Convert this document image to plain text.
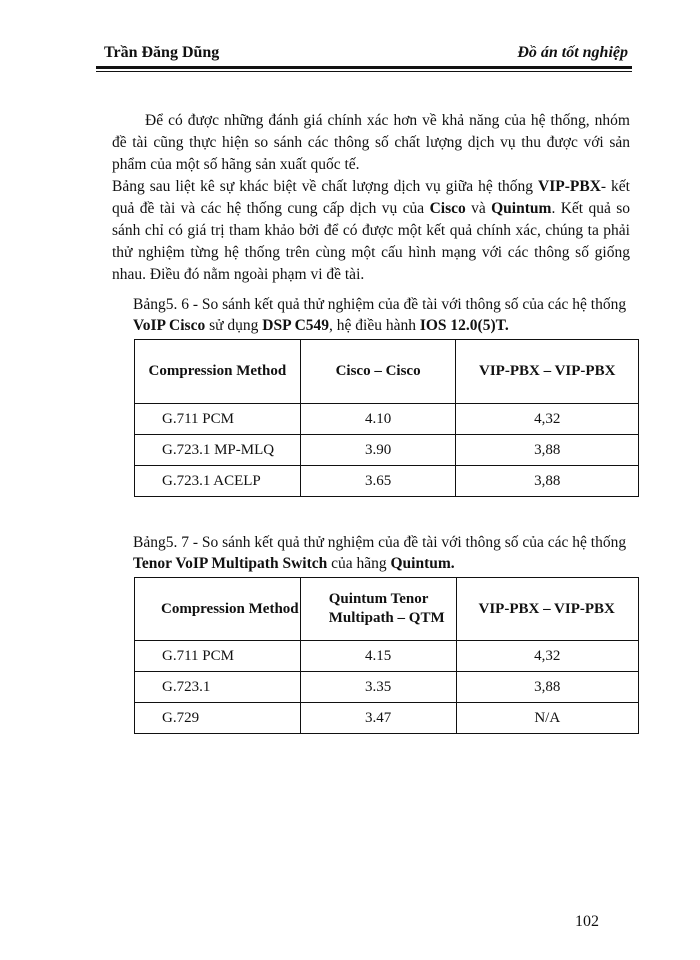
Trần Đăng Dũng	Đồ án tốt nghiệp

Để có được những đánh giá chính xác hơn về khả năng của hệ thống, nhóm đề tài cũng thực hiện so sánh các thông số chất lượng dịch vụ thu được với sản phẩm của một số hãng sản xuất quốc tế.

Bảng sau liệt kê sự khác biệt về chất lượng dịch vụ giữa hệ thống VIP-PBX- kết quả đề tài và các hệ thống cung cấp dịch vụ của Cisco và Quintum. Kết quả so sánh chỉ có giá trị tham khảo bởi để có được một kết quả chính xác, chúng ta phải thử nghiệm từng hệ thống trên cùng một cấu hình mạng với các thông số giống nhau. Điều đó nằm ngoài phạm vi đề tài.

Bảng5. 6 - So sánh kết quả thử nghiệm của đề tài với thông số của các hệ thống VoIP Cisco sử dụng DSP C549, hệ điều hành IOS 12.0(5)T.
Compression Method	Cisco – Cisco	VIP-PBX – VIP-PBX
G.711 PCM	4.10	4,32
G.723.1 MP-MLQ	3.90	3,88
G.723.1 ACELP	3.65	3,88
Bảng5. 7 - So sánh kết quả thử nghiệm của đề tài với thông số của các hệ thống Tenor VoIP Multipath Switch của hãng Quintum.
Compression Method	Quintum Tenor Multipath – QTM	VIP-PBX – VIP-PBX
G.711 PCM	4.15	4,32
G.723.1	3.35	3,88
G.729	3.47	N/A
102
